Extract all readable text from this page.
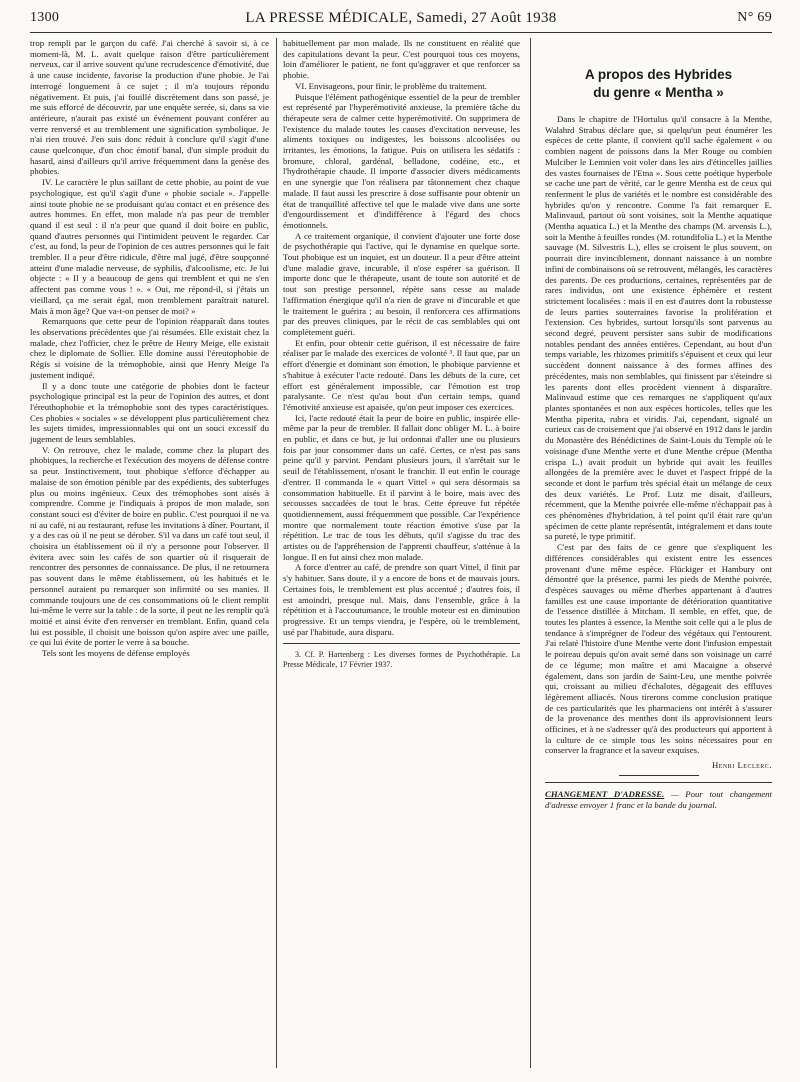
1300	LA PRESSE MÉDICALE, Samedi, 27 Août 1938	N° 69

trop rempli par le garçon du café. J'ai cherché à savoir si, à ce moment-là, M. L. avait quelque raison d'être particulièrement nerveux, car il arrive souvent qu'une recrudescence d'émotivité, due à une cause incidente, favorise la production d'une phobie. Je l'ai interrogé longuement à ce sujet ; il m'a toujours répondu négativement. Et puis, j'ai fouillé discrètement dans son passé, je me suis efforcé de découvrir, par une enquête serrée, si, dans sa vie antérieure, n'aurait pas existé un événement pouvant conférer au verre renversé et au tremblement une signification symbolique. Je n'ai rien trouvé. J'en suis donc réduit à conclure qu'il s'agit d'une cause quelconque, d'un choc émotif banal, d'un simple produit du hasard, ainsi d'ailleurs qu'il arrive fréquemment dans la genèse des phobies.

IV. Le caractère le plus saillant de cette phobie, au point de vue psychologique, est qu'il s'agit d'une « phobie sociale ». J'appelle ainsi toute phobie ne se produisant qu'au contact et en présence des autres hommes. En effet, mon malade n'a pas peur de trembler quand il est seul : il n'a peur que quand il doit boire en public, quand d'autres personnes qui l'intimident peuvent le regarder. Car c'est, au fond, la peur de l'opinion de ces autres personnes qui le fait trembler. Il a peur d'être ridicule, d'être mal jugé, d'être soupçonné atteint d'une maladie nerveuse, de syphilis, d'alcoolisme, etc. Je lui objecte : « Il y a beaucoup de gens qui tremblent et qui ne s'en affectent pas comme vous ! ». « Oui, me répond-il, si j'étais un vieillard, ça me serait égal, mon tremblement paraîtrait naturel. Mais à mon âge? Que va-t-on penser de moi? »

Remarquons que cette peur de l'opinion réapparaît dans toutes les observations précédentes que j'ai résumées. Elle existait chez la malade, chez l'officier, chez le prêtre de Henry Meige, elle existait chez le diplomate de Sollier. Elle domine aussi l'éreutophobie de Régis si voisine de la trémophobie, ainsi que Henry Meige l'a justement indiqué.

Il y a donc toute une catégorie de phobies dont le facteur psychologique principal est la peur de l'opinion des autres, et dont l'éreuthophobie et la trémophobie sont des types caractéristiques. Ces phobies « sociales » se développent plus particulièrement chez les sujets timides, impressionnables qui ont un souci excessif du jugement de leurs semblables.

V. On retrouve, chez le malade, comme chez la plupart des phobiques, la recherche et l'exécution des moyens de défense contre sa peur. Instinctivement, tout phobique s'efforce d'échapper au malaise de son émotion pénible par des expédients, des subterfuges plus ou moins ingénieux. Ceux des trémophobes sont aisés à comprendre. Comme je l'indiquais à propos de mon malade, son constant souci est d'éviter de boire en public. C'est pourquoi il ne va ni au café, ni au restaurant, refuse les invitations à dîner. Pourtant, il y a des cas où il ne peut se dérober. S'il va dans un café tout seul, il choisira un établissement où il n'y a personne pour l'observer. Il évitera avec soin les cafés de son quartier où il risquerait de rencontrer des personnes de connaissance. De plus, il ne retournera pas souvent dans le même établissement, où les habitués et le personnel auraient pu remarquer son infirmité ou ses manies. Il commande toujours une de ces consommations où le client remplit lui-même le verre sur la table : de la sorte, il peut ne les remplir qu'à moitié et ainsi évite d'en renverser en tremblant. Enfin, quand cela lui est possible, il choisit une boisson qu'on aspire avec une paille, ce qui lui évite de porter le verre à sa bouche.

Tels sont les moyens de défense employés

habituellement par mon malade. Ils ne constituent en réalité que des capitulations devant la peur. C'est pourquoi tous ces moyens, loin d'améliorer le patient, ne font qu'aggraver et que renforcer sa phobie.

VI. Envisageons, pour finir, le problème du traitement.

Puisque l'élément pathogénique essentiel de la peur de trembler est représenté par l'hyperémotivité anxieuse, la première tâche du thérapeute sera de calmer cette hyperémotivité. On supprimera de l'existence du malade toutes les causes d'excitation nerveuse, les aliments toxiques ou indigestes, les boissons alcoolisées ou irritantes, les émotions, la fatigue. Puis on utilisera les sédatifs : bromure, chloral, gardénal, belladone, codéine, etc., et l'hydrothérapie chaude. Il importe d'associer divers médicaments en une synergie que l'on réalisera par tâtonnement chez chaque malade. Il faut aussi les prescrire à dose suffisante pour obtenir un état de tranquillité affective tel que le malade vive dans une sorte d'engourdissement et d'indifférence à l'égard des chocs émotionnels.

A ce traitement organique, il convient d'ajouter une forte dose de psychothérapie qui l'active, qui le dynamise en quelque sorte. Tout phobique est un inquiet, est un douteur. Il a peur d'être atteint d'une maladie grave, incurable, il n'ose espérer sa guérison. Il importe donc que le thérapeute, usant de toute son autorité et de tout son prestige personnel, répète sans cesse au malade l'affirmation énergique qu'il n'a rien de grave ni d'incurable et que le traitement le guérira ; au besoin, il renforcera ces affirmations par des preuves cliniques, par le récit de cas semblables qui ont complètement guéri.

Et enfin, pour obtenir cette guérison, il est nécessaire de faire réaliser par le malade des exercices de volonté ³. Il faut que, par un effort d'énergie et dominant son émotion, le phobique parvienne et s'habitue à exécuter l'acte redouté. Dans les débuts de la cure, cet effort est généralement impossible, car l'émotion est trop paralysante. Ce n'est qu'au bout d'un certain temps, quand l'émotivité anxieuse est apaisée, qu'on peut imposer ces exercices.

Ici, l'acte redouté était la peur de boire en public, inspirée elle-même par la peur de trembler. Il fallait donc obliger M. L. à boire en public, et dans ce but, je lui ordonnai d'aller une ou plusieurs fois par jour consommer dans un café. Certes, ce n'est pas sans peine qu'il y parvint. Pendant plusieurs jours, il s'arrêtait sur le seuil de l'établissement, n'osant le franchir. Il eut enfin le courage d'entrer. Il commanda le « quart Vittel » qui sera désormais sa consommation habituelle. Et il parvint à le boire, mais avec des secousses saccadées de tout le bras. Cette épreuve fut répétée quotidiennement, aussi fréquemment que possible. Car l'expérience montre que normalement toute réaction émotive s'use par la répétition. Le trac de tous les débuts, qu'il s'agisse du trac des artistes ou de l'appréhension de l'apprenti chauffeur, s'atténue à la longue. Il en fut ainsi chez mon malade.

A force d'entrer au café, de prendre son quart Vittel, il finit par s'y habituer. Sans doute, il y a encore de bons et de mauvais jours. Certaines fois, le tremblement est plus accentué ; d'autres fois, il est amoindri, presque nul. Mais, dans l'ensemble, grâce à la répétition et à l'accoutumance, le trouble moteur est en diminution progressive. Et un temps viendra, je l'espère, où le tremblement, usé par l'habitude, aura disparu.

3. Cf. P. Hartenberg : Les diverses formes de Psychothérapie. La Presse Médicale, 17 Février 1937.

A propos des Hybrides
du genre « Mentha »

Dans le chapitre de l'Hortulus qu'il consacre à la Menthe, Walahrd Strabus déclare que, si quelqu'un peut énumérer les espèces de cette plante, il convient qu'il sache également « ou combien nagent de poissons dans la Mer Rouge ou combien Mulciber le Lemnien voit voler dans les airs d'étincelles jaillies des vastes fournaises de l'Etna ». Sous cette poétique hyperbole se cache une part de vérité, car le genre Mentha est de ceux qui renferment le plus de variétés et le nombre est considérable des hybrides qu'on y rencontre. Comme l'a fait remarquer E. Malinvaud, partout où sont voisines, soit la Menthe aquatique (Mentha aquatica L.) et la Menthe des champs (M. arvensis L.), soit la Menthe à feuilles rondes (M. rotundifolia L.) et la Menthe sauvage (M. Silvestris L.), elles se croisent le plus souvent, on pourrait dire invinciblement, donnant naissance à un nombre infini de combinaisons où se retrouvent, mélangés, les caractères des parents. De ces productions, certaines, représentées par de rares individus, ont une existence éphémère et restent strictement localisées : mais il en est d'autres dont la robustesse de leurs parties souterraines favorise la prolifération et l'extension. Ces hybrides, surtout lorsqu'ils sont parvenus au second degré, peuvent persister sans subir de modifications notables pendant des années entières. Cependant, au bout d'un temps variable, les rhizomes primitifs s'épuisent et ceux qui leur succèdent donnent naissance à des formes affines des précédentes, mais non semblables, qui finissent par s'éteindre si les parents dont elles procèdent viennent à disparaître. Malinvaud estime que ces remarques ne s'appliquent qu'aux plantes spontanées et non aux espèces horticoles, telles que les Mentha piperita, rubra et viridis. J'ai, cependant, signalé un curieux cas de croisement que j'ai observé en 1912 dans le jardin du Monastère des Bénédictines de Saint-Louis du Temple où le voisinage d'une Menthe verte et d'une Menthe crépue (Mentha crispa L.) avait produit un hybride qui avait les feuilles allongées de la première avec le duvet et l'aspect frippé de la seconde et dont le parfum très spécial était un mélange de ceux des deux variétés. Le Prof. Lutz me disait, d'ailleurs, récemment, que la Menthe poivrée elle-même n'échappait pas à ces phénomènes d'hybridation, à tel point qu'il était rare qu'un spécimen de cette plante représentât, intégralement et dans toute sa pureté, le type primitif.

C'est par des faits de ce genre que s'expliquent les différences considérables qui existent entre les essences provenant d'une même espèce. Flückiger et Hambury ont démontré que la présence, parmi les pieds de Menthe poivrée, d'espèces sauvages ou même d'herbes appartenant à d'autres familles est une cause importante de détérioration quantitative de l'essence distillée à Mitcham. Il semble, en effet, que, de toutes les plantes à essence, la Menthe soit celle qui a le plus de tendance à s'imprégner de l'odeur des végétaux qui l'entourent. J'ai relaté l'histoire d'une Menthe verte dont l'infusion empestait le poireau depuis qu'on avait semé dans son voisinage un carré de ce légume; mon maître et ami Macaigne a observé également, dans son jardin de Saint-Leu, une menthe poivrée qui, croissant au milieu d'échalotes, dégageait des effluves légèrement alliacés. Nous tirerons comme conclusion pratique de ces particularités que les pharmaciens ont intérêt à s'assurer de la provenance des menthes dont ils approvisionnent leurs officines, et à ne s'adresser qu'à des producteurs qui apportent à la culture de ce simple tous les soins nécessaires pour en conserver la fragrance et la saveur exquises.

Henri Leclerc.

CHANGEMENT D'ADRESSE. — Pour tout changement d'adresse envoyer 1 franc et la bande du journal.
